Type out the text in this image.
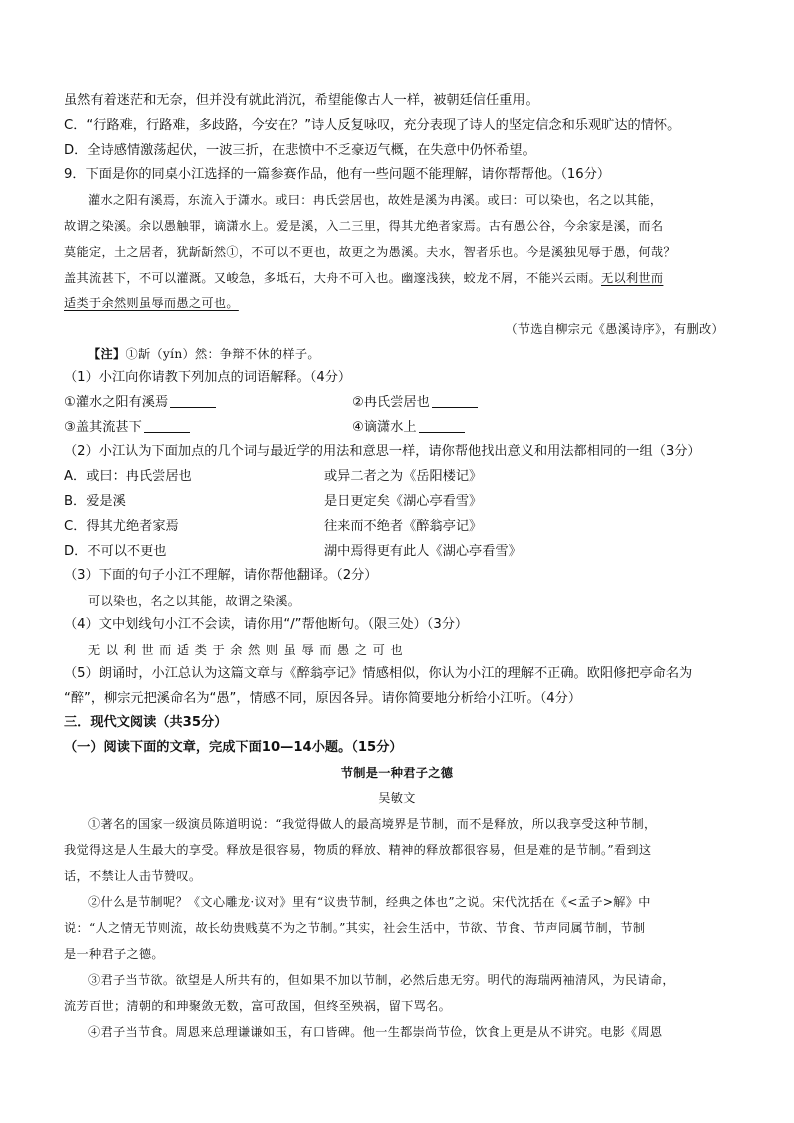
虽然有着迷茫和无奈，但并没有就此消沉，希望能像古人一样，被朝廷信任重用。
C．“行路难，行路难，多歧路，今安在？”诗人反复咏叹，充分表现了诗人的坚定信念和乐观旷达的情怀。
D．全诗感情激荡起伏，一波三折，在悲愤中不乏豪迈气概，在失意中仍怀希望。
9．下面是你的同桌小江选择的一篇参赛作品，他有一些问题不能理解，请你帮帮他。（16分）
灌水之阳有溪焉，东流入于潇水。或曰：冉氏尝居也，故姓是溪为冉溪。或曰：可以染也，名之以其能，
故谓之染溪。余以愚触罪，谪潇水上。爱是溪，入二三里，得其尤绝者家焉。古有愚公谷，今余家是溪，而名
莫能定，土之居者，犹龂龂然①，不可以不更也，故更之为愚溪。夫水，智者乐也。今是溪独见辱于愚，何哉？
盖其流甚下，不可以灌溉。又峻急，多坻石，大舟不可入也。幽邃浅狭，蛟龙不屑，不能兴云雨。无以利世而
适类于余然则虽辱而愚之可也。
（节选自柳宗元《愚溪诗序》，有删改）
【注】①龂（yín）然：争辩不休的样子。
（1）小江向你请教下列加点的词语解释。（4分）
①灌水之阳有溪焉	②冉氏尝居也
③盖其流甚下	④谪潇水上
（2）小江认为下面加点的几个词与最近学的用法和意思一样，请你帮他找出意义和用法都相同的一组（3分）
A．或曰：冉氏尝居也	或异二者之为《岳阳楼记》
B．爱是溪	是日更定矣《湖心亭看雪》
C．得其尤绝者家焉	往来而不绝者《醉翁亭记》
D．不可以不更也	湖中焉得更有此人《湖心亭看雪》
（3）下面的句子小江不理解，请你帮他翻译。（2分）
可以染也，名之以其能，故谓之染溪。
（4）文中划线句小江不会读，请你用“/”帮他断句。（限三处）（3分）
无以利世而适类于余然则虽辱而愚之可也
（5）朗诵时，小江总认为这篇文章与《醉翁亭记》情感相似，你认为小江的理解不正确。欧阳修把亭命名为
“醉”，柳宗元把溪命名为“愚”，情感不同，原因各异。请你简要地分析给小江听。（4分）
三．现代文阅读（共35分）
（一）阅读下面的文章，完成下面10—14小题。（15分）
节制是一种君子之德
吴敏文
①著名的国家一级演员陈道明说：“我觉得做人的最高境界是节制，而不是释放，所以我享受这种节制，
我觉得这是人生最大的享受。释放是很容易，物质的释放、精神的释放都很容易，但是难的是节制。”看到这
话，不禁让人击节赞叹。
②什么是节制呢？《文心雕龙·议对》里有“议贵节制，经典之体也”之说。宋代沈括在《<孟子>解》中
说：“人之情无节则流，故长幼贵贱莫不为之节制。”其实，社会生活中，节欲、节食、节声同属节制，节制
是一种君子之德。
③君子当节欲。欲望是人所共有的，但如果不加以节制，必然后患无穷。明代的海瑞两袖清风，为民请命，
流芳百世；清朝的和珅聚敛无数，富可敌国，但终至殃祸，留下骂名。
④君子当节食。周恩来总理谦谦如玉，有口皆碑。他一生都崇尚节俭，饮食上更是从不讲究。电影《周恩
